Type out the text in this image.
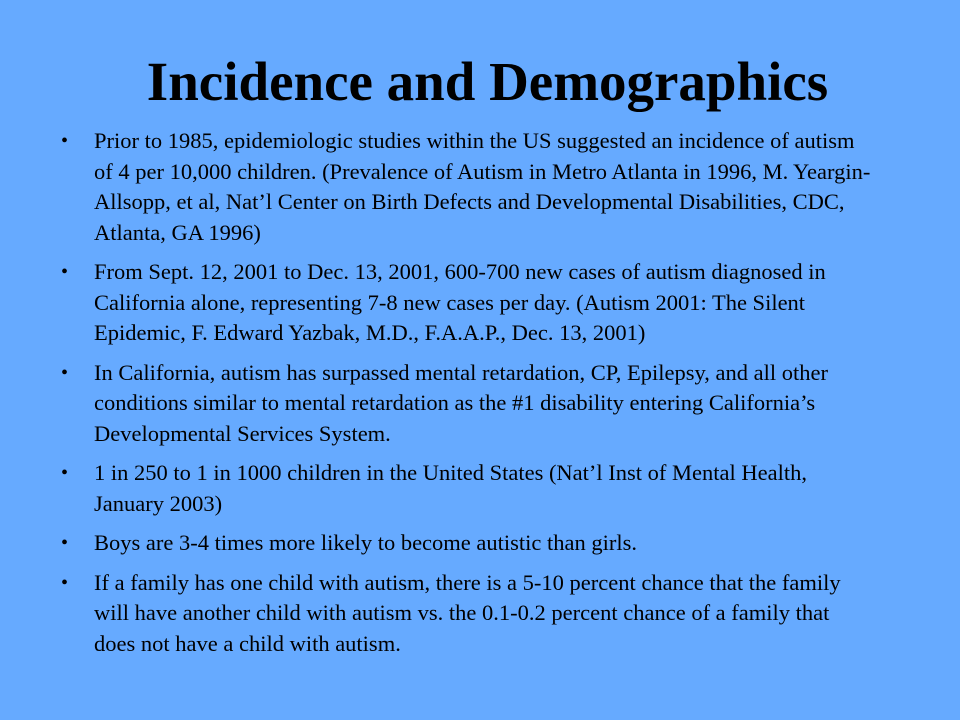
Incidence and Demographics
• Prior to 1985, epidemiologic studies within the US suggested an incidence of autism of 4 per 10,000 children. (Prevalence of Autism in Metro Atlanta in 1996, M. Yeargin-Allsopp, et al, Nat’l Center on Birth Defects and Developmental Disabilities, CDC, Atlanta, GA 1996)
• From Sept. 12, 2001 to Dec. 13, 2001, 600-700 new cases of autism diagnosed in California alone, representing 7-8 new cases per day. (Autism 2001: The Silent Epidemic, F. Edward Yazbak, M.D., F.A.A.P., Dec. 13, 2001)
• In California, autism has surpassed mental retardation, CP, Epilepsy, and all other conditions similar to mental retardation as the #1 disability entering California’s Developmental Services System.
• 1 in 250 to 1 in 1000 children in the United States (Nat’l Inst of Mental Health, January 2003)
• Boys are 3-4 times more likely to become autistic than girls.
• If a family has one child with autism, there is a 5-10 percent chance that the family will have another child with autism vs. the 0.1-0.2 percent chance of a family that does not have a child with autism.
